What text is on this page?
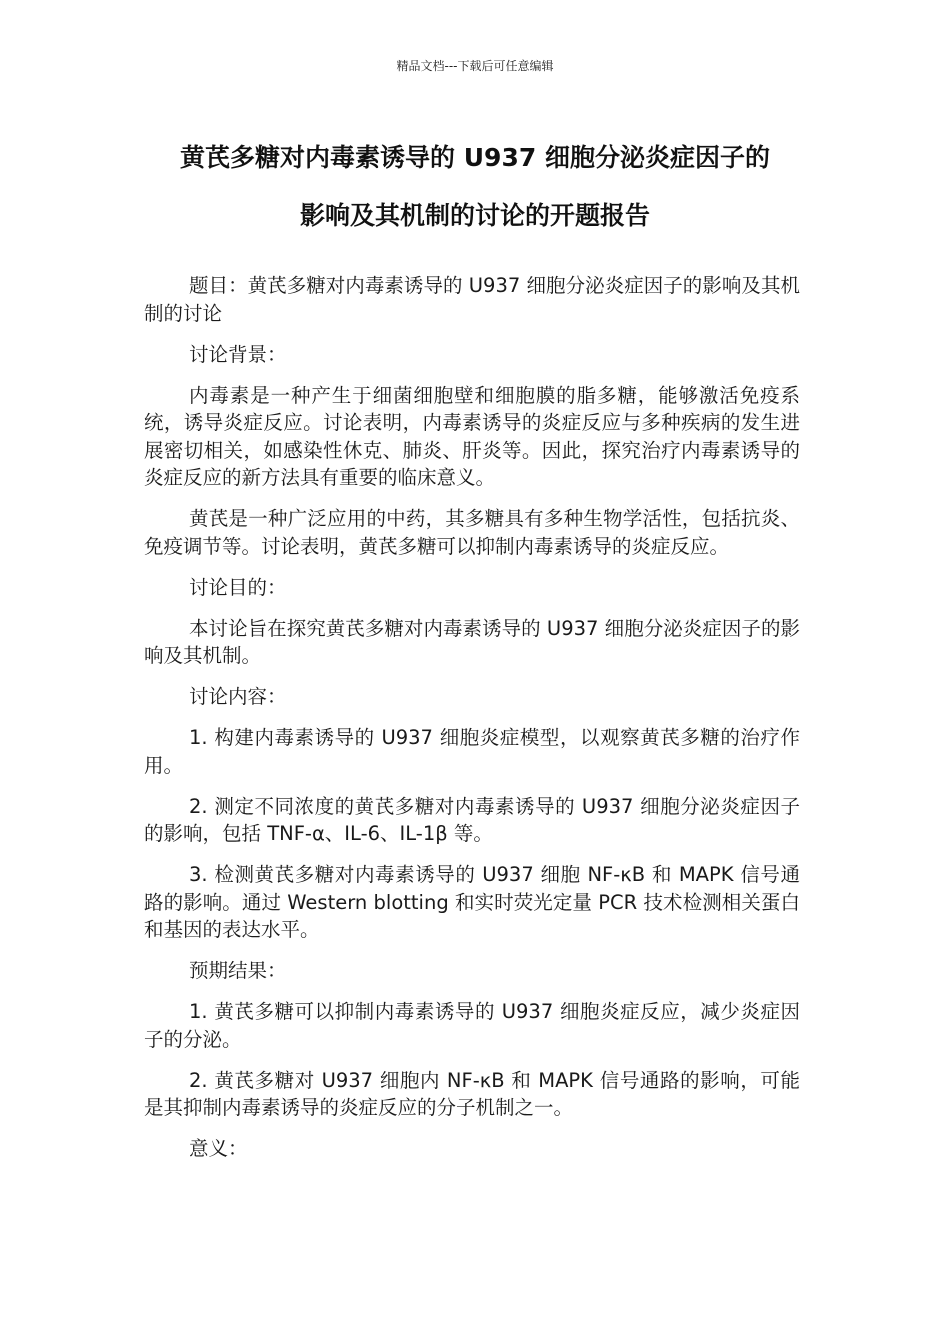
精品文档---下载后可任意编辑
黄芪多糖对内毒素诱导的 U937 细胞分泌炎症因子的
影响及其机制的讨论的开题报告

题目：黄芪多糖对内毒素诱导的 U937 细胞分泌炎症因子的影响及其机制的讨论

讨论背景：

内毒素是一种产生于细菌细胞壁和细胞膜的脂多糖，能够激活免疫系统，诱导炎症反应。讨论表明，内毒素诱导的炎症反应与多种疾病的发生进展密切相关，如感染性休克、肺炎、肝炎等。因此，探究治疗内毒素诱导的炎症反应的新方法具有重要的临床意义。

黄芪是一种广泛应用的中药，其多糖具有多种生物学活性，包括抗炎、免疫调节等。讨论表明，黄芪多糖可以抑制内毒素诱导的炎症反应。

讨论目的：

本讨论旨在探究黄芪多糖对内毒素诱导的 U937 细胞分泌炎症因子的影响及其机制。

讨论内容：

1. 构建内毒素诱导的 U937 细胞炎症模型，以观察黄芪多糖的治疗作用。

2. 测定不同浓度的黄芪多糖对内毒素诱导的 U937 细胞分泌炎症因子的影响，包括 TNF-α、IL-6、IL-1β 等。

3. 检测黄芪多糖对内毒素诱导的 U937 细胞 NF-κB 和 MAPK 信号通路的影响。通过 Western blotting 和实时荧光定量 PCR 技术检测相关蛋白和基因的表达水平。

预期结果：

1. 黄芪多糖可以抑制内毒素诱导的 U937 细胞炎症反应，减少炎症因子的分泌。

2. 黄芪多糖对 U937 细胞内 NF-κB 和 MAPK 信号通路的影响，可能是其抑制内毒素诱导的炎症反应的分子机制之一。

意义：
